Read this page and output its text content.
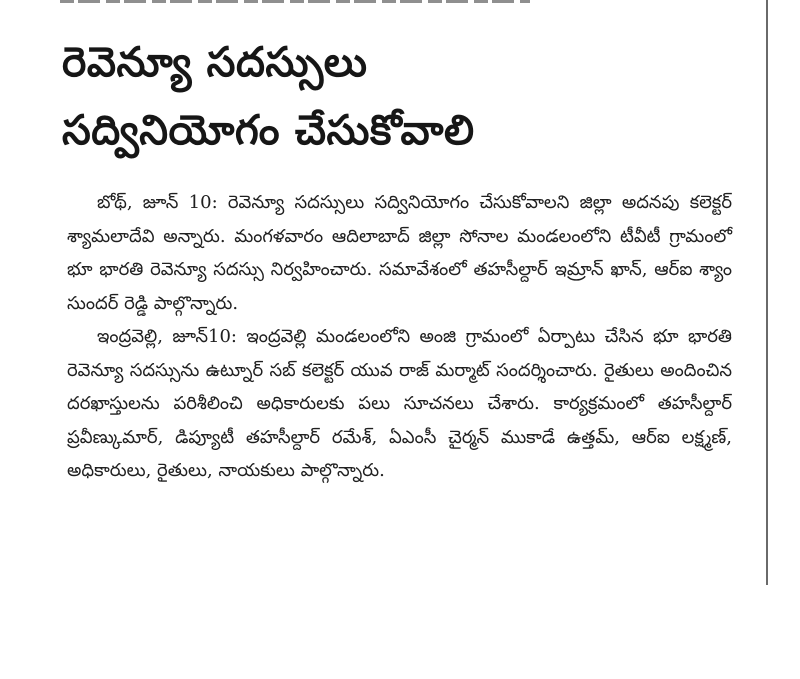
రెవెన్యూ సదస్సులు
సద్వినియోగం చేసుకోవాలి

బోథ్, జూన్ 10: రెవెన్యూ సదస్సులు సద్వినియోగం చేసుకోవాలని జిల్లా అదనపు కలెక్టర్ శ్యామలాదేవి అన్నారు. మంగళవారం ఆదిలాబాద్ జిల్లా సోనాల మండలంలోని టీవీటీ గ్రామంలో భూ భారతి రెవెన్యూ సదస్సు నిర్వహించారు. సమావేశంలో తహసీల్దార్ ఇమ్రాన్ ఖాన్, ఆర్ఐ శ్యాం సుందర్ రెడ్డి పాల్గొన్నారు.

ఇంద్రవెల్లి, జూన్10: ఇంద్రవెల్లి మండలంలోని అంజి గ్రామంలో ఏర్పాటు చేసిన భూ భారతి రెవెన్యూ సదస్సును ఉట్నూర్ సబ్ కలెక్టర్ యువ రాజ్ మర్మాట్ సందర్శించారు. రైతులు అందించిన దరఖాస్తులను పరిశీలించి అధికారులకు పలు సూచనలు చేశారు. కార్యక్రమంలో తహసీల్దార్ ప్రవీణ్కుమార్, డిప్యూటీ తహసీల్దార్ రమేశ్, ఏఎంసీ చైర్మన్ ముకాడే ఉత్తమ్, ఆర్ఐ లక్ష్మణ్, అధికారులు, రైతులు, నాయకులు పాల్గొన్నారు.
